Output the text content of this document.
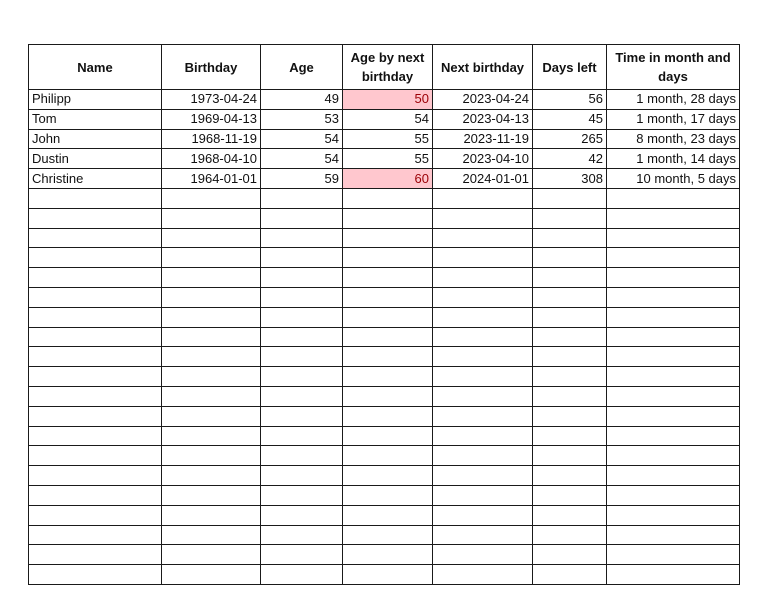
Name	Birthday	Age	Age by next birthday	Next birthday	Days left	Time in month and days
Philipp	1973-04-24	49	50	2023-04-24	56	1 month, 28 days
Tom	1969-04-13	53	54	2023-04-13	45	1 month, 17 days
John	1968-11-19	54	55	2023-11-19	265	8 month, 23 days
Dustin	1968-04-10	54	55	2023-04-10	42	1 month, 14 days
Christine	1964-01-01	59	60	2024-01-01	308	10 month, 5 days
